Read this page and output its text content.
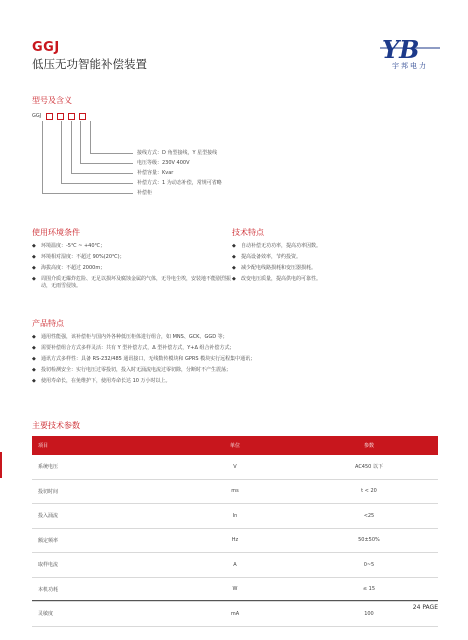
GGJ
低压无功智能补偿装置	YB
宇邦电力
型号及含义
GGJ
接线方式：D 角型接线，Y 星型接线
电压等级：230V 400V
补偿容量：Kvar
补偿方式：1 为动态补偿，常规可省略
补偿柜
使用环境条件
◆ 环境温度：-5℃ ~ +40℃；
◆ 环境相对湿度：不超过 90%(20℃)；
◆ 海拔高度：不超过 2000m；
◆ 周围介质无爆炸危险、无足以损坏及腐蚀金属的气体，无导电尘埃，安装地不能剧烈振动，无雨雪侵蚀。
技术特点
◆ 自动补偿无功功率，提高功率因数。
◆ 提高设备效率，节约投资。
◆ 减少配电线路损耗和变压器损耗。
◆ 改变电压质量，提高供电的可靠性。
产品特点
◆ 通用性能强，该补偿柜与国内外各种低压柜体进行组合，如 MNS、GCK、GGD 等；
◆ 需要补偿组合方式多样灵活：共有 Y 型补偿方式，Δ 型补偿方式，Y+Δ 组合补偿方式；
◆ 通讯方式多样性：具备 RS-232/485 通讯接口，无线数传模块和 GPRS 模块实行远程集中通讯；
◆ 投切检测安全：实行电压过零投切，投入时无涌流电流过零切除，分断时不产生震荡；
◆ 使用寿命长，在免维护下，使用寿命长达 10 万小时以上。
主要技术参数
项目	单位	参数
系统电压	V	AC450 以下
投切时间	ms	t < 20
投入涌流	In	<25
额定频率	Hz	50±50%
取样电流	A	0~5
本机功耗	W	≤ 15
灵敏度	mA	100
24 PAGE
